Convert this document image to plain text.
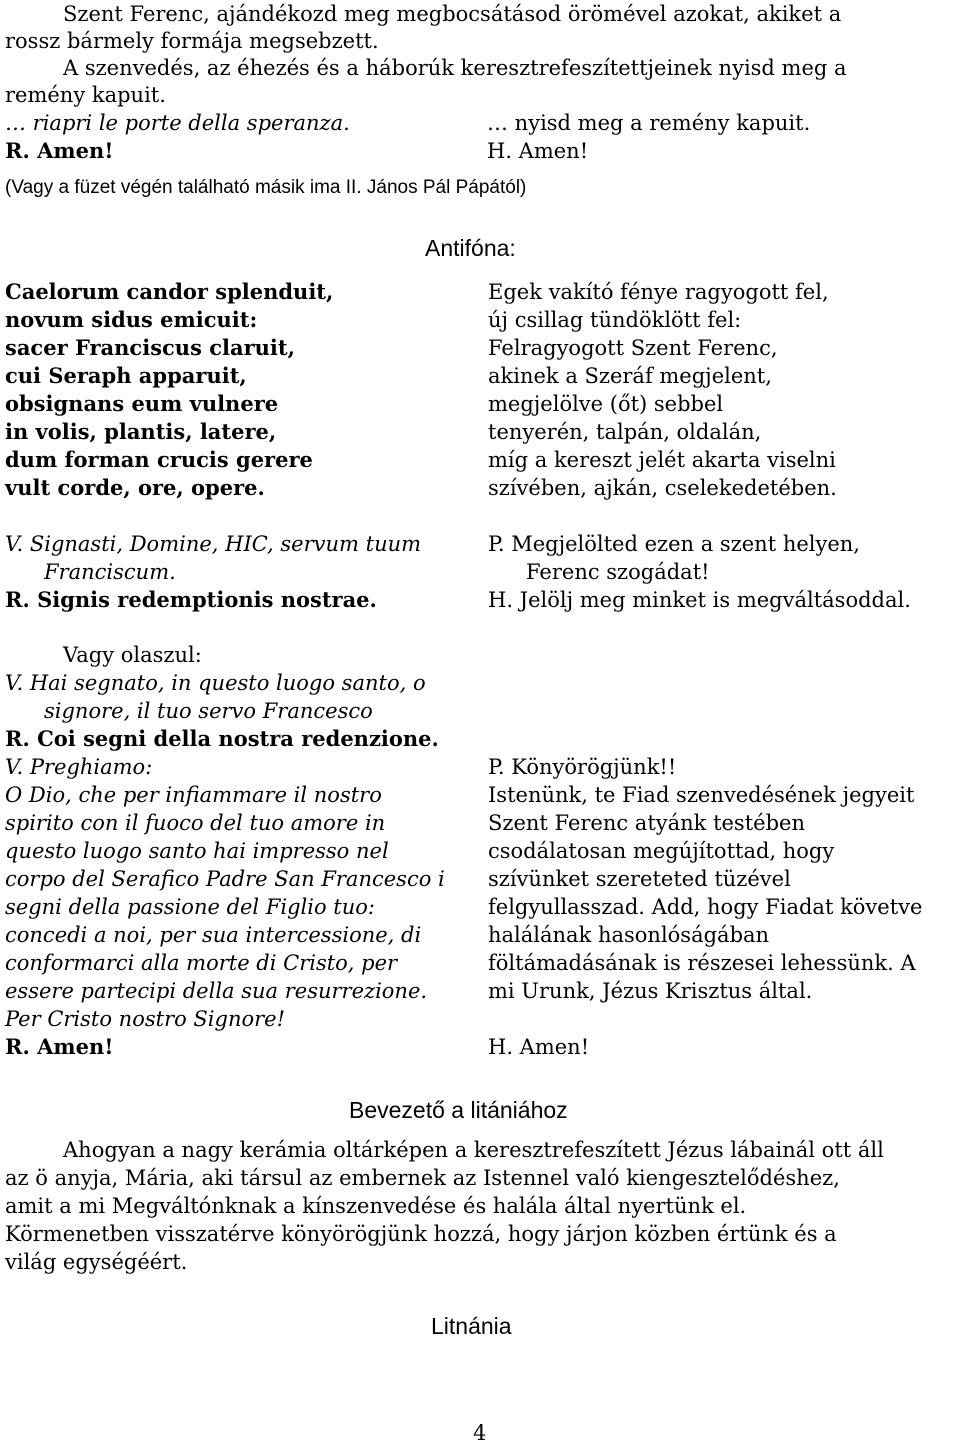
Szent Ferenc, ajándékozd meg megbocsátásod örömével azokat, akiket a
rossz bármely formája megsebzett.
A szenvedés, az éhezés és a háborúk keresztrefeszítettjeinek nyisd meg a
remény kapuit.
… riapri le porte della speranza.	… nyisd meg a remény kapuit.
R. Amen!	H. Amen!
(Vagy a füzet végén található másik ima II. János Pál Pápától)
Antifóna:
Caelorum candor splenduit,
novum sidus emicuit:
sacer Franciscus claruit,
cui Seraph apparuit,
obsignans eum vulnere
in volis, plantis, latere,
dum forman crucis gerere
vult corde, ore, opere.
Egek vakító fénye ragyogott fel,
új csillag tündöklött fel:
Felragyogott Szent Ferenc,
akinek a Szeráf megjelent,
megjelölve (őt) sebbel
tenyerén, talpán, oldalán,
míg a kereszt jelét akarta viselni
szívében, ajkán, cselekedetében.
V. Signasti, Domine, HIC, servum tuum
Franciscum.
R. Signis redemptionis nostrae.
P. Megjelölted ezen a szent helyen,
Ferenc szogádat!
H. Jelölj meg minket is megváltásoddal.
Vagy olaszul:
V. Hai segnato, in questo luogo santo, o
signore, il tuo servo Francesco
R. Coi segni della nostra redenzione.
V. Preghiamo:
O Dio, che per infiammare il nostro
spirito con il fuoco del tuo amore in
questo luogo santo hai impresso nel
corpo del Serafico Padre San Francesco i
segni della passione del Figlio tuo:
concedi a noi, per sua intercessione, di
conformarci alla morte di Cristo, per
essere partecipi della sua resurrezione.
Per Cristo nostro Signore!
R. Amen!
P. Könyörögjünk!!
Istenünk, te Fiad szenvedésének jegyeit
Szent Ferenc atyánk testében
csodálatosan megújítottad, hogy
szívünket szereteted tüzével
felgyullasszad. Add, hogy Fiadat követve
halálának hasonlóságában
föltámadásának is részesei lehessünk. A
mi Urunk, Jézus Krisztus által.
H. Amen!
Bevezető a litániához
Ahogyan a nagy kerámia oltárképen a keresztrefeszített Jézus lábainál ott áll
az ö anyja, Mária, aki társul az embernek az Istennel való kiengesztelődéshez,
amit a mi Megváltónknak a kínszenvedése és halála által nyertünk el.
Körmenetben visszatérve könyörögjünk hozzá, hogy járjon közben értünk és a
világ egységéért.
Litnánia
4
